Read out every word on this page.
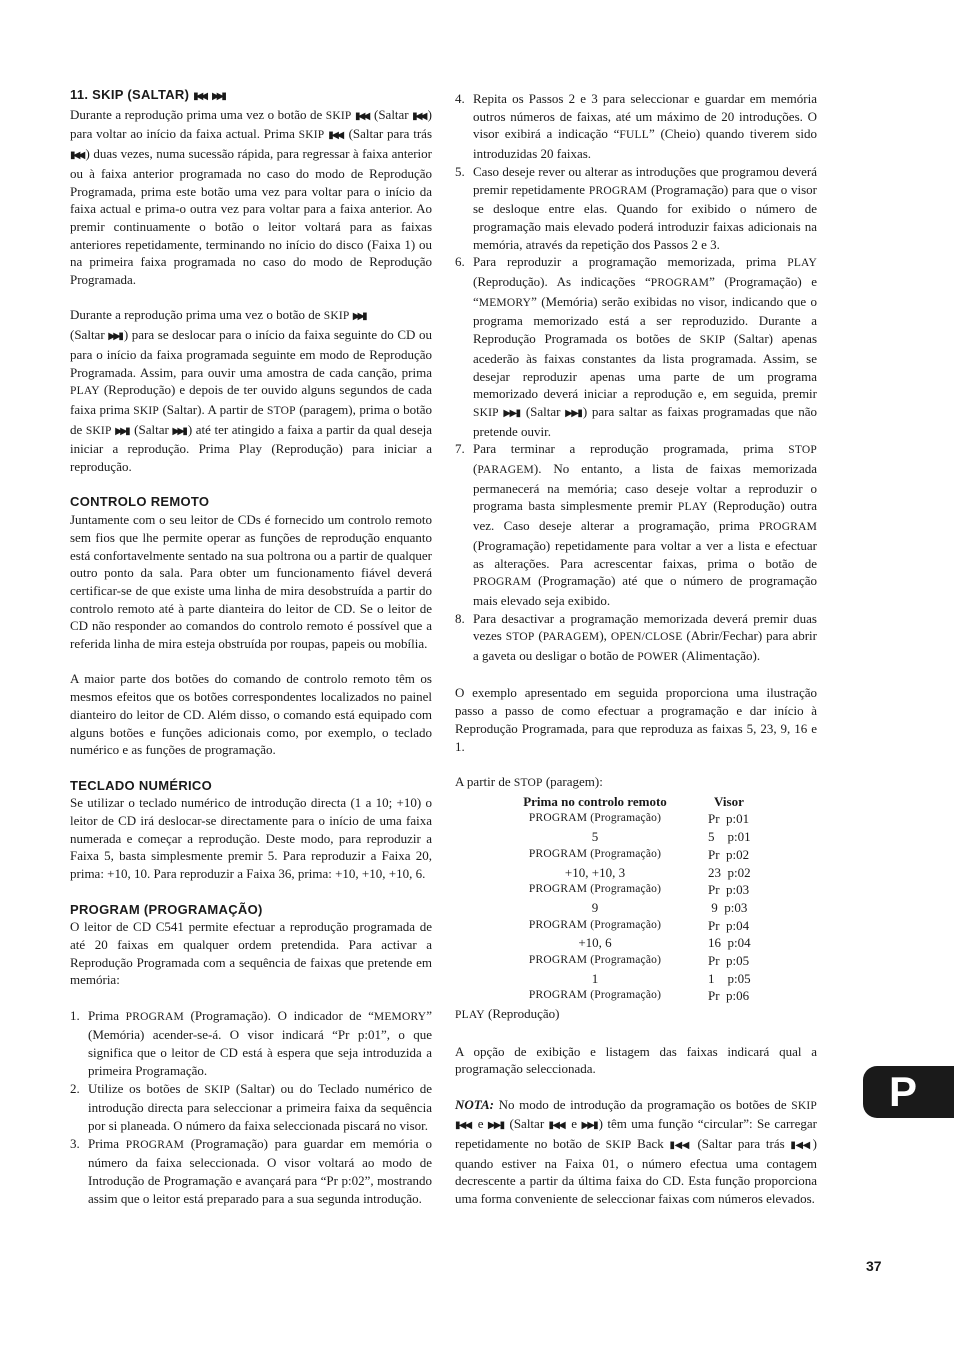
11. SKIP (SALTAR) ▮◀◀ ▶▶▮

Durante a reprodução prima uma vez o botão de SKIP ▮◀◀ (Saltar ▮◀◀ ) para voltar ao início da faixa actual. Prima SKIP ▮◀◀ (Saltar para trás ▮◀◀ ) duas vezes, numa sucessão rápida, para regressar à faixa anterior ou à faixa anterior programada no caso do modo de Reprodução Programada, prima este botão uma vez para voltar para o início da faixa actual e prima-o outra vez para voltar para a faixa anterior. Ao premir continuamente o botão o leitor voltará para as faixas anteriores repetidamente, terminando no início do disco (Faixa 1) ou na primeira faixa programada no caso do modo de Reprodução Programada.

Durante a reprodução prima uma vez o botão de SKIP ▶▶▮
(Saltar ▶▶▮ ) para se deslocar para o início da faixa seguinte do CD ou para o início da faixa programada seguinte em modo de Reprodução Programada. Assim, para ouvir uma amostra de cada canção, prima PLAY (Reprodução) e depois de ter ouvido alguns segundos de cada faixa prima SKIP (Saltar). A partir de STOP (paragem), prima o botão de SKIP ▶▶▮ (Saltar ▶▶▮ ) até ter atingido a faixa a partir da qual deseja iniciar a reprodução. Prima Play (Reprodução) para iniciar a reprodução.

CONTROLO REMOTO

Juntamente com o seu leitor de CDs é fornecido um controlo remoto sem fios que lhe permite operar as funções de reprodução enquanto está confortavelmente sentado na sua poltrona ou a partir de qualquer outro ponto da sala. Para obter um funcionamento fiável deverá certificar-se de que existe uma linha de mira desobstruída a partir do controlo remoto até à parte dianteira do leitor de CD. Se o leitor de CD não responder ao comandos do controlo remoto é possível que a referida linha de mira esteja obstruída por roupas, papeis ou mobília.

A maior parte dos botões do comando de controlo remoto têm os mesmos efeitos que os botões correspondentes localizados no painel dianteiro do leitor de CD. Além disso, o comando está equipado com alguns botões e funções adicionais como, por exemplo, o teclado numérico e as funções de programação.

TECLADO NUMÉRICO

Se utilizar o teclado numérico de introdução directa (1 a 10; +10) o leitor de CD irá deslocar-se directamente para o início de uma faixa numerada e começar a reprodução. Deste modo, para reproduzir a Faixa 5, basta simplesmente premir 5. Para reproduzir a Faixa 20, prima: +10, 10. Para reproduzir a Faixa 36, prima: +10, +10, +10, 6.

PROGRAM (PROGRAMAÇÃO)

O leitor de CD C541 permite efectuar a reprodução programada de até 20 faixas em qualquer ordem pretendida. Para activar a Reprodução Programada com a sequência de faixas que pretende em memória:

1. Prima PROGRAM (Programação). O indicador de “MEMORY” (Memória) acender-se-á. O visor indicará “Pr p:01”, o que significa que o leitor de CD está à espera que seja introduzida a primeira Programação.
2. Utilize os botões de SKIP (Saltar) ou do Teclado numérico de introdução directa para seleccionar a primeira faixa da sequência por si planeada. O número da faixa seleccionada piscará no visor.
3. Prima PROGRAM (Programação) para guardar em memória o número da faixa seleccionada. O visor voltará ao modo de Introdução de Programação e avançará para “Pr p:02”, mostrando assim que o leitor está preparado para a sua segunda introdução.
4. Repita os Passos 2 e 3 para seleccionar e guardar em memória outros números de faixas, até um máximo de 20 introduções. O visor exibirá a indicação “FULL” (Cheio) quando tiverem sido introduzidas 20 faixas.
5. Caso deseje rever ou alterar as introduções que programou deverá premir repetidamente PROGRAM (Programação) para que o visor se desloque entre elas. Quando for exibido o número de programação mais elevado poderá introduzir faixas adicionais na memória, através da repetição dos Passos 2 e 3.
6. Para reproduzir a programação memorizada, prima PLAY (Reprodução). As indicações “PROGRAM” (Programação) e “MEMORY” (Memória) serão exibidas no visor, indicando que o programa memorizado está a ser reproduzido. Durante a Reprodução Programada os botões de SKIP (Saltar) apenas acederão às faixas constantes da lista programada. Assim, se desejar reproduzir apenas uma parte de um programa memorizado deverá iniciar a reprodução e, em seguida, premir SKIP ▶▶▮ (Saltar ▶▶▮ ) para saltar as faixas programadas que não pretende ouvir.
7. Para terminar a reprodução programada, prima STOP (PARAGEM). No entanto, a lista de faixas memorizada permanecerá na memória; caso deseje voltar a reproduzir o programa basta simplesmente premir PLAY (Reprodução) outra vez. Caso deseje alterar a programação, prima PROGRAM (Programação) repetidamente para voltar a ver a lista e efectuar as alterações. Para acrescentar faixas, prima o botão de PROGRAM (Programação) até que o número de programação mais elevado seja exibido.
8. Para desactivar a programação memorizada deverá premir duas vezes STOP (PARAGEM), OPEN/CLOSE (Abrir/Fechar) para abrir a gaveta ou desligar o botão de POWER (Alimentação).

O exemplo apresentado em seguida proporciona uma ilustração passo a passo de como efectuar a programação e dar início à Reprodução Programada, para que reproduza as faixas 5, 23, 9, 16 e 1.

A partir de STOP (paragem):

Prima no controlo remoto	Visor
PROGRAM (Programação)	Pr  p:01
5	5    p:01
PROGRAM (Programação)	Pr  p:02
+10, +10, 3	23  p:02
PROGRAM (Programação)	Pr  p:03
9	9  p:03
PROGRAM (Programação)	Pr  p:04
+10, 6	16  p:04
PROGRAM (Programação)	Pr  p:05
1	1    p:05
PROGRAM (Programação)	Pr  p:06

PLAY (Reprodução)

A opção de exibição e listagem das faixas indicará qual a programação seleccionada.

NOTA: No modo de introdução da programação os botões de SKIP ▮◀◀ e ▶▶▮ (Saltar ▮◀◀ e ▶▶▮ ) têm uma função “circular”: Se carregar repetidamente no botão de SKIP Back ▮◀◀ (Saltar para trás ▮◀◀ ) quando estiver na Faixa 01, o número efectua uma contagem decrescente a partir da última faixa do CD. Esta função proporciona uma forma conveniente de seleccionar faixas com números elevados.

P
37
